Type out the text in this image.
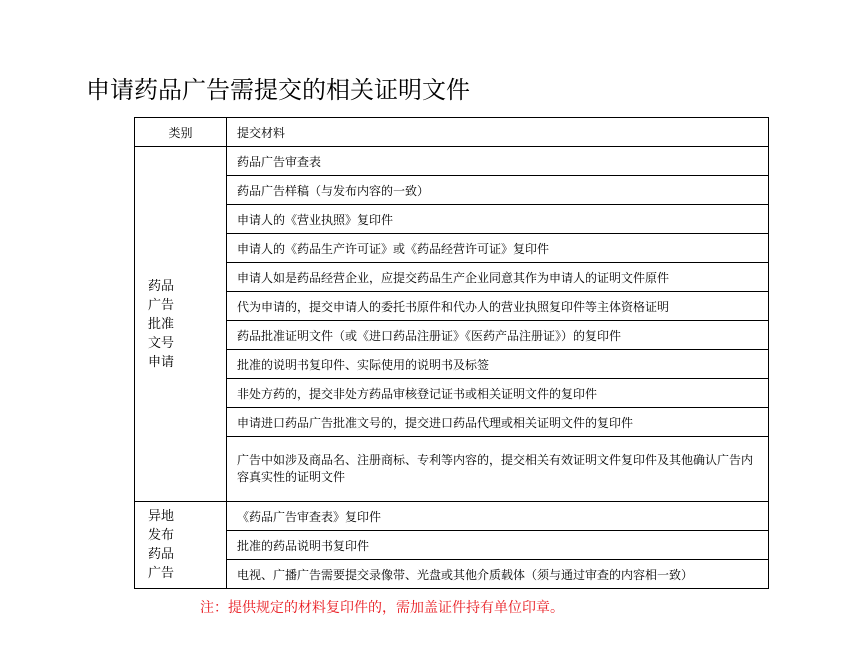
申请药品广告需提交的相关证明文件
类别	提交材料

药品
广告
批准
文号
申请	药品广告审查表
	药品广告样稿（与发布内容的一致）
	申请人的《营业执照》复印件
	申请人的《药品生产许可证》或《药品经营许可证》复印件
	申请人如是药品经营企业，应提交药品生产企业同意其作为申请人的证明文件原件
	代为申请的，提交申请人的委托书原件和代办人的营业执照复印件等主体资格证明
	药品批准证明文件（或《进口药品注册证》《医药产品注册证》）的复印件
	批准的说明书复印件、实际使用的说明书及标签
	非处方药的，提交非处方药品审核登记证书或相关证明文件的复印件
	申请进口药品广告批准文号的，提交进口药品代理或相关证明文件的复印件
	广告中如涉及商品名、注册商标、专利等内容的，提交相关有效证明文件复印件及其他确认广告内容真实性的证明文件

异地
发布
药品
广告	《药品广告审查表》复印件
	批准的药品说明书复印件
	电视、广播广告需要提交录像带、光盘或其他介质载体（须与通过审查的内容相一致）
注：提供规定的材料复印件的，需加盖证件持有单位印章。
